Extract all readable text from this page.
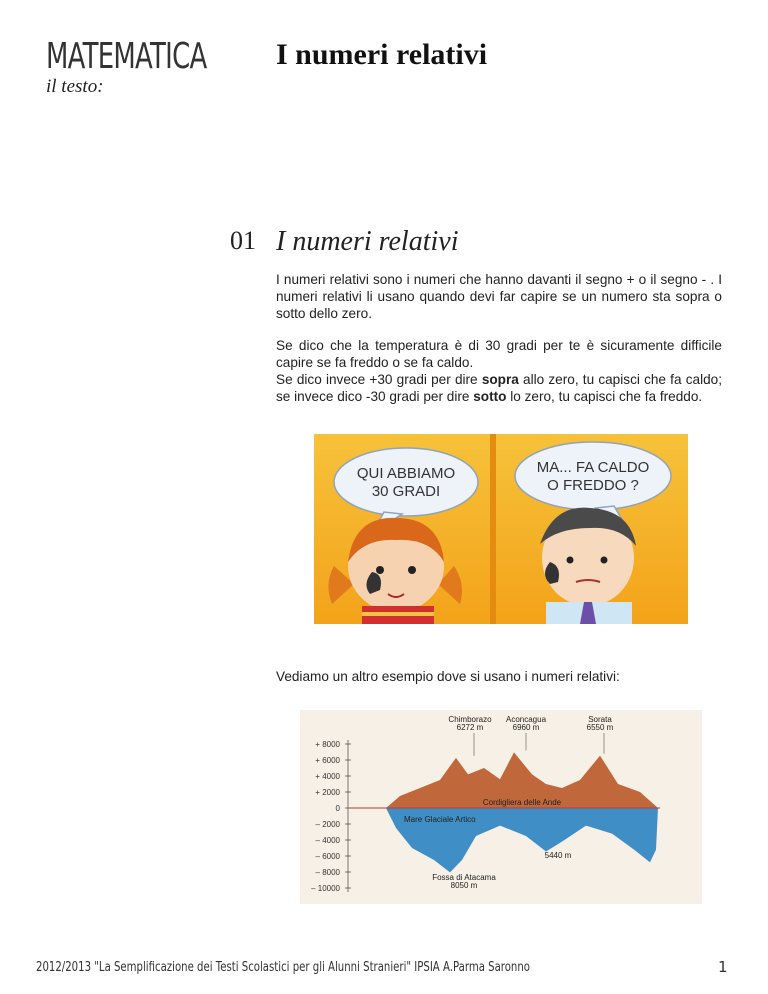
MATEMATICA
il testo:
I numeri relativi
01 I numeri relativi

I numeri relativi sono i numeri che hanno davanti il segno + o il segno - . I numeri relativi li usano quando devi far capire se un numero sta sopra o sotto dello zero.

Se dico che la temperatura è di 30 gradi per te è sicuramente difficile capire se fa freddo o se fa caldo.

Se dico invece +30 gradi per dire sopra allo zero, tu capisci che fa caldo; se invece dico -30 gradi per dire sotto lo zero, tu capisci che fa freddo.

QUI ABBIAMO
30 GRADI
MA... FA CALDO
O FREDDO ?

Vediamo un altro esempio dove si usano i numeri relativi:

+ 8000
+ 6000
+ 4000
+ 2000
0
– 2000
– 4000
– 6000
– 8000
– 10000
Cordigliera delle Ande
Mare Glaciale Artico
Chimborazo
6272 m
Aconcagua
6960 m
Sorata
6550 m
Fossa di Atacama
8050 m
5440 m
2012/2013 "La Semplificazione dei Testi Scolastici per gli Alunni Stranieri" IPSIA A.Parma Saronno	1
